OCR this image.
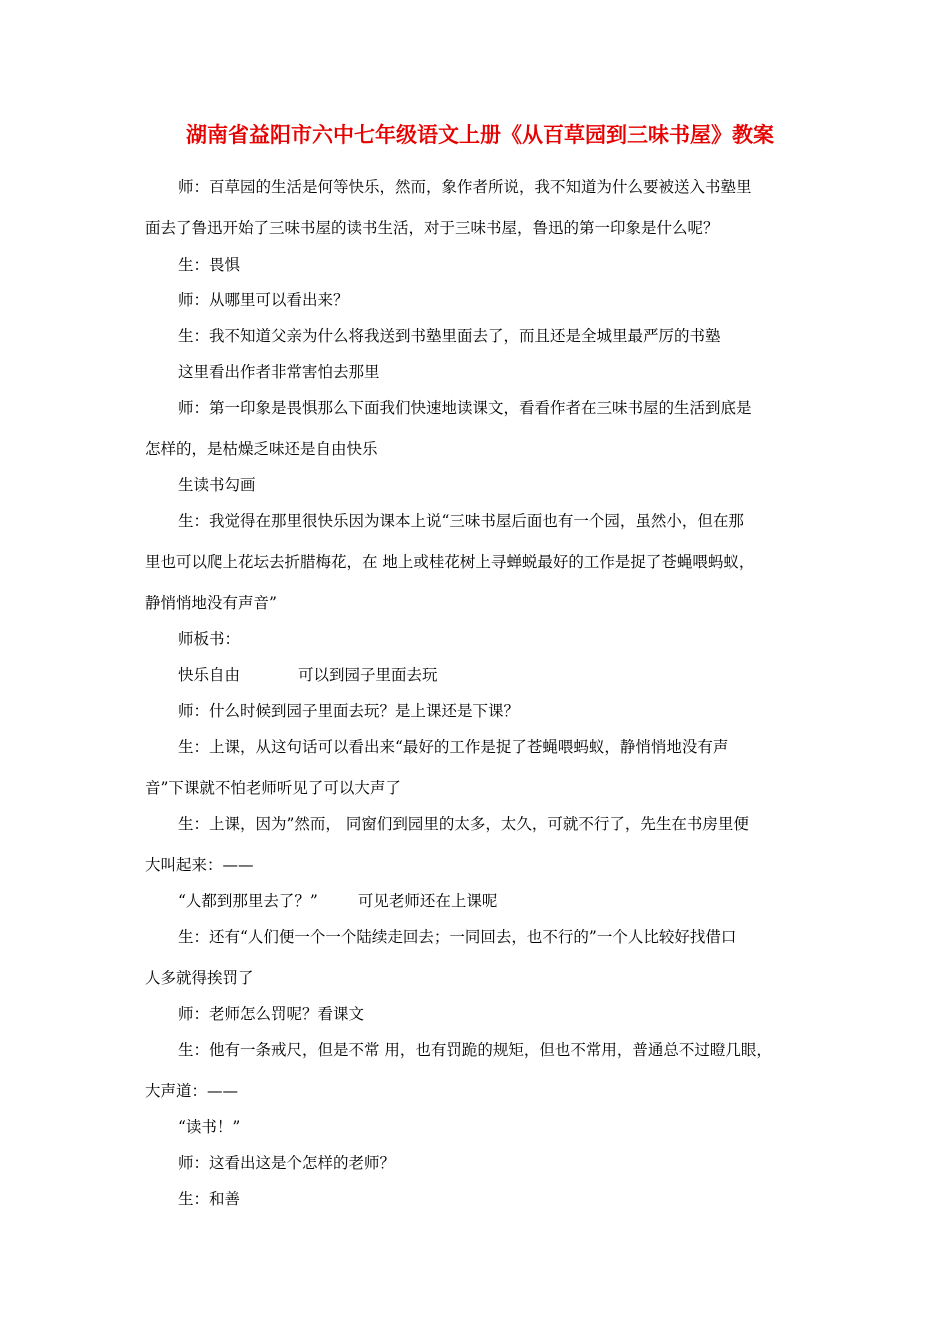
湖南省益阳市六中七年级语文上册《从百草园到三味书屋》教案

师：百草园的生活是何等快乐，然而，象作者所说，我不知道为什么要被送入书塾里

面去了鲁迅开始了三味书屋的读书生活，对于三味书屋，鲁迅的第一印象是什么呢？

生：畏惧

师：从哪里可以看出来？

生：我不知道父亲为什么将我送到书塾里面去了，而且还是全城里最严厉的书塾

这里看出作者非常害怕去那里

师：第一印象是畏惧那么下面我们快速地读课文，看看作者在三味书屋的生活到底是

怎样的，是枯燥乏味还是自由快乐

生读书勾画

生：我觉得在那里很快乐因为课本上说“三味书屋后面也有一个园，虽然小，但在那

里也可以爬上花坛去折腊梅花，在 地上或桂花树上寻蝉蜕最好的工作是捉了苍蝇喂蚂蚁，

静悄悄地没有声音”

师板书：

快乐自由	可以到园子里面去玩

师：什么时候到园子里面去玩？是上课还是下课？

生：上课，从这句话可以看出来“最好的工作是捉了苍蝇喂蚂蚁，静悄悄地没有声

音”下课就不怕老师听见了可以大声了

生：上课，因为”然而， 同窗们到园里的太多，太久，可就不行了，先生在书房里便

大叫起来：——

“人都到那里去了？”	可见老师还在上课呢

生：还有“人们便一个一个陆续走回去；一同回去，也不行的”一个人比较好找借口

人多就得挨罚了

师：老师怎么罚呢？看课文

生：他有一条戒尺，但是不常 用，也有罚跪的规矩，但也不常用，普通总不过瞪几眼，

大声道：——

“读书！”

师：这看出这是个怎样的老师？

生：和善
